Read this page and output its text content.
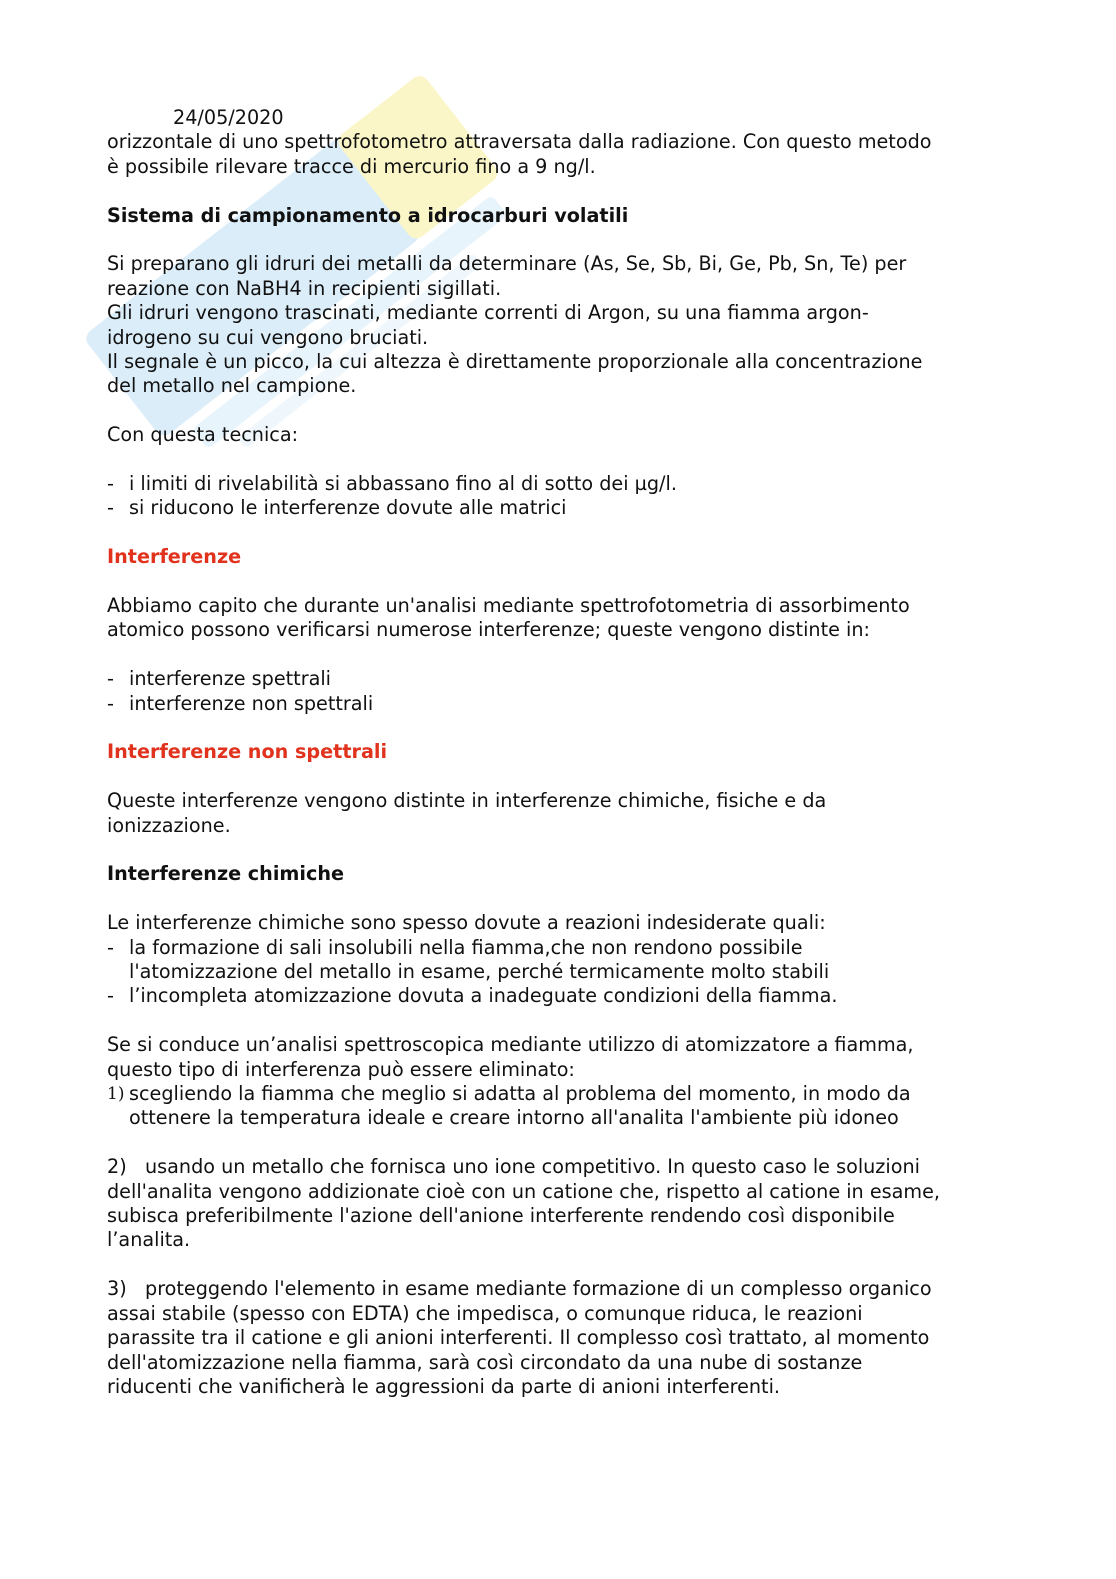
24/05/2020
orizzontale di uno spettrofotometro attraversata dalla radiazione. Con questo metodo
è possibile rilevare tracce di mercurio fino a 9 ng/l.
Sistema di campionamento a idrocarburi volatili
Si preparano gli idruri dei metalli da determinare (As, Se, Sb, Bi, Ge, Pb, Sn, Te) per
reazione con NaBH4 in recipienti sigillati.
Gli idruri vengono trascinati, mediante correnti di Argon, su una fiamma argon-
idrogeno su cui vengono bruciati.
Il segnale è un picco, la cui altezza è direttamente proporzionale alla concentrazione
del metallo nel campione.
Con questa tecnica:
- i limiti di rivelabilità si abbassano fino al di sotto dei µg/l.
- si riducono le interferenze dovute alle matrici
Interferenze
Abbiamo capito che durante un'analisi mediante spettrofotometria di assorbimento
atomico possono verificarsi numerose interferenze; queste vengono distinte in:
- interferenze spettrali
- interferenze non spettrali
Interferenze non spettrali
Queste interferenze vengono distinte in interferenze chimiche, fisiche e da
ionizzazione.
Interferenze chimiche
Le interferenze chimiche sono spesso dovute a reazioni indesiderate quali:
- la formazione di sali insolubili nella fiamma,che non rendono possibile
l'atomizzazione del metallo in esame, perché termicamente molto stabili
- l’incompleta atomizzazione dovuta a inadeguate condizioni della fiamma.
Se si conduce un’analisi spettroscopica mediante utilizzo di atomizzatore a fiamma,
questo tipo di interferenza può essere eliminato:
1) scegliendo la fiamma che meglio si adatta al problema del momento, in modo da
ottenere la temperatura ideale e creare intorno all'analita l'ambiente più idoneo
2) usando un metallo che fornisca uno ione competitivo. In questo caso le soluzioni
dell'analita vengono addizionate cioè con un catione che, rispetto al catione in esame,
subisca preferibilmente l'azione dell'anione interferente rendendo così disponibile
l’analita.
3) proteggendo l'elemento in esame mediante formazione di un complesso organico
assai stabile (spesso con EDTA) che impedisca, o comunque riduca, le reazioni
parassite tra il catione e gli anioni interferenti. Il complesso così trattato, al momento
dell'atomizzazione nella fiamma, sarà così circondato da una nube di sostanze
riducenti che vanificherà le aggressioni da parte di anioni interferenti.
